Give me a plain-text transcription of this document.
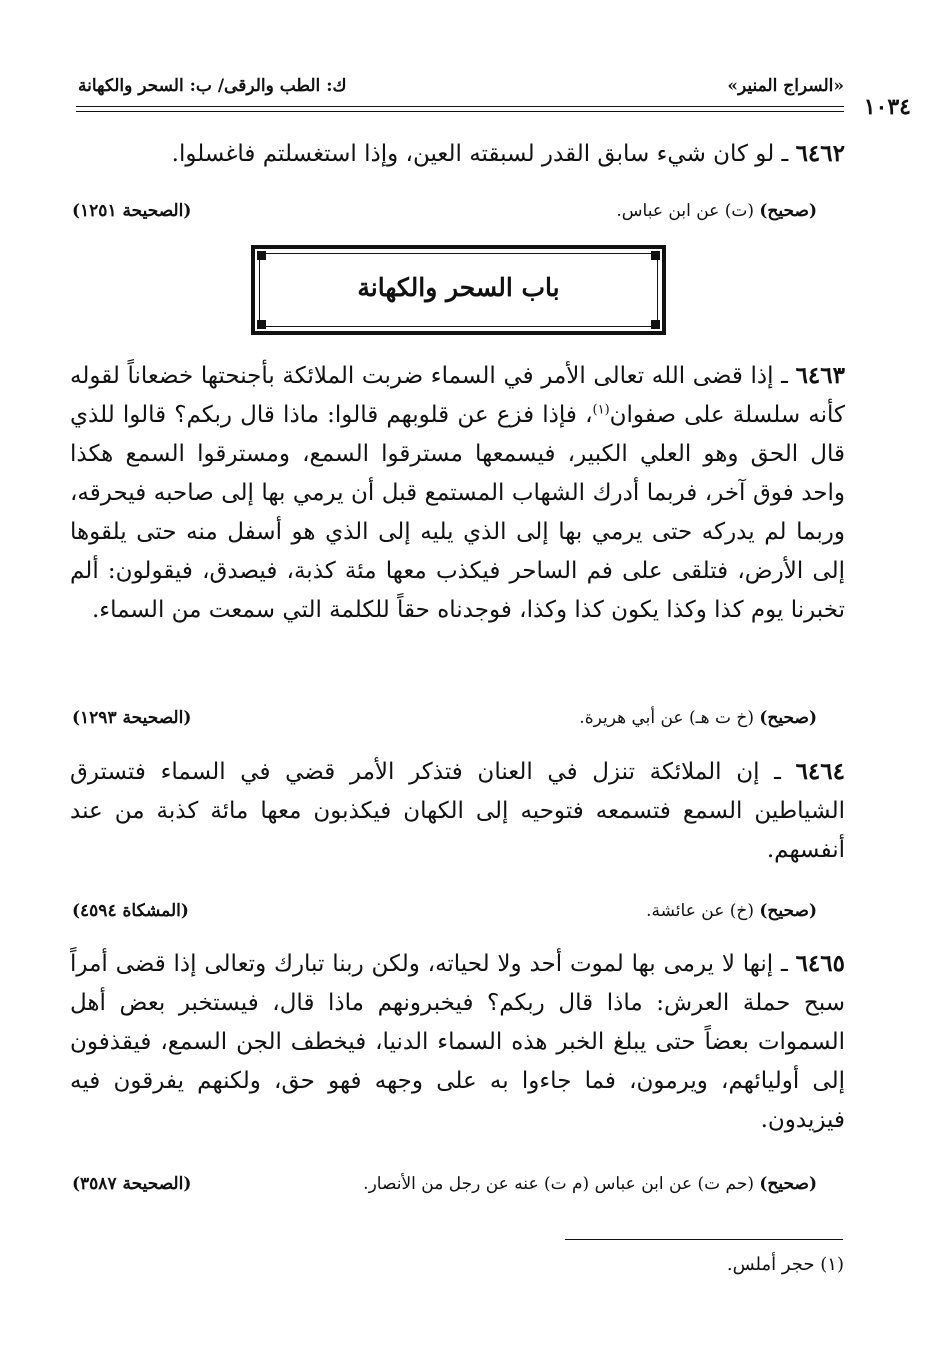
«السراج المنير»
ك: الطب والرقى/ ب: السحر والكهانة
١٠٣٤
٦٤٦٢ ـ لو كان شيء سابق القدر لسبقته العين، وإذا استغسلتم فاغسلوا.
(صحيح) (ت) عن ابن عباس.
(الصحيحة ١٢٥١)
باب السحر والكهانة
٦٤٦٣ ـ إذا قضى الله تعالى الأمر في السماء ضربت الملائكة بأجنحتها خضعاناً لقوله كأنه سلسلة على صفوان$^{(١)}$، فإذا فزع عن قلوبهم قالوا: ماذا قال ربكم؟ قالوا للذي قال الحق وهو العلي الكبير، فيسمعها مسترقوا السمع، ومسترقوا السمع هكذا واحد فوق آخر، فربما أدرك الشهاب المستمع قبل أن يرمي بها إلى صاحبه فيحرقه، وربما لم يدركه حتى يرمي بها إلى الذي يليه إلى الذي هو أسفل منه حتى يلقوها إلى الأرض، فتلقى على فم الساحر فيكذب معها مئة كذبة، فيصدق، فيقولون: ألم تخبرنا يوم كذا وكذا يكون كذا وكذا، فوجدناه حقاً للكلمة التي سمعت من السماء.
(صحيح) (خ ت هـ) عن أبي هريرة.
(الصحيحة ١٢٩٣)
٦٤٦٤ ـ إن الملائكة تنزل في العنان فتذكر الأمر قضي في السماء فتسترق الشياطين السمع فتسمعه فتوحيه إلى الكهان فيكذبون معها مائة كذبة من عند أنفسهم.
(صحيح) (خ) عن عائشة.
(المشكاة ٤٥٩٤)
٦٤٦٥ ـ إنها لا يرمى بها لموت أحد ولا لحياته، ولكن ربنا تبارك وتعالى إذا قضى أمراً سبح حملة العرش: ماذا قال ربكم؟ فيخبرونهم ماذا قال، فيستخبر بعض أهل السموات بعضاً حتى يبلغ الخبر هذه السماء الدنيا، فيخطف الجن السمع، فيقذفون إلى أوليائهم، ويرمون، فما جاءوا به على وجهه فهو حق، ولكنهم يفرقون فيه فيزيدون.
(صحيح) (حم ت) عن ابن عباس (م ت) عنه عن رجل من الأنصار.
(الصحيحة ٣٥٨٧)
(١) حجر أملس.
